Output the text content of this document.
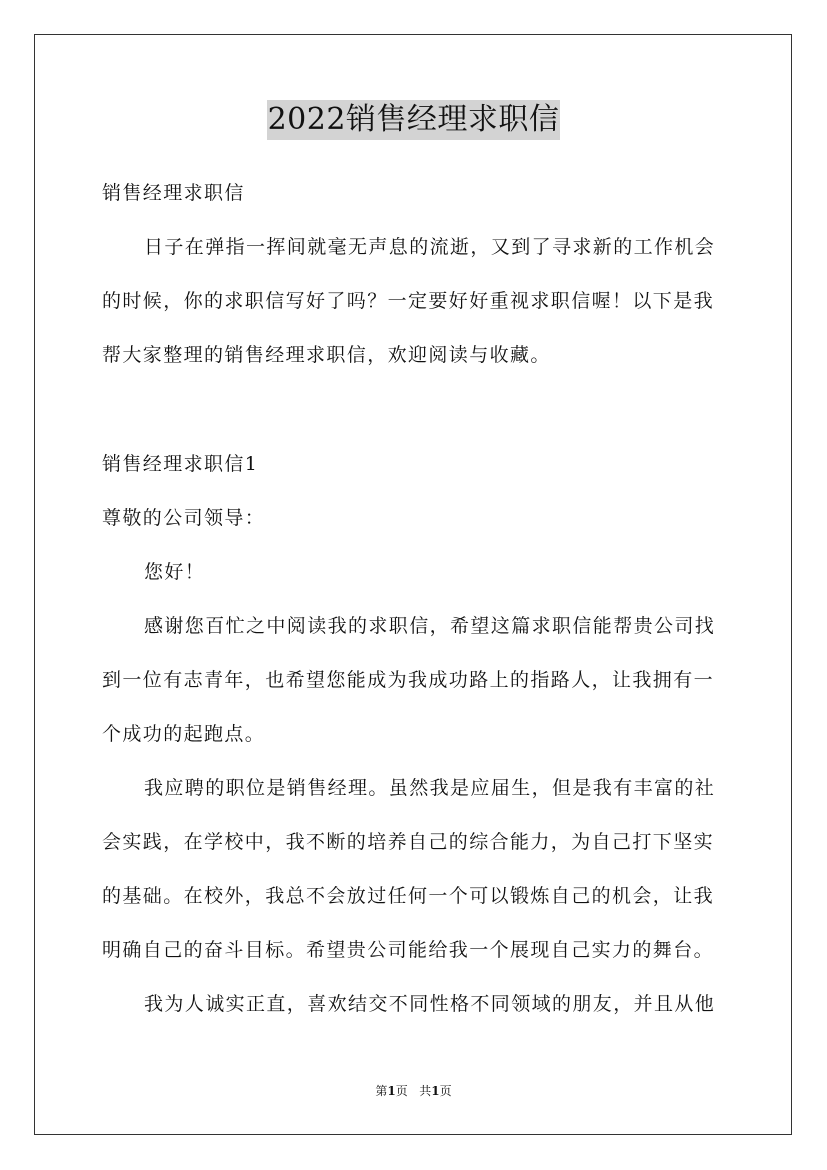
2022销售经理求职信
销售经理求职信
日子在弹指一挥间就毫无声息的流逝，又到了寻求新的工作机会
的时候，你的求职信写好了吗？一定要好好重视求职信喔！以下是我
帮大家整理的销售经理求职信，欢迎阅读与收藏。
销售经理求职信1
尊敬的公司领导：
您好！
感谢您百忙之中阅读我的求职信，希望这篇求职信能帮贵公司找
到一位有志青年，也希望您能成为我成功路上的指路人，让我拥有一
个成功的起跑点。
我应聘的职位是销售经理。虽然我是应届生，但是我有丰富的社
会实践，在学校中，我不断的培养自己的综合能力，为自己打下坚实
的基础。在校外，我总不会放过任何一个可以锻炼自己的机会，让我
明确自己的奋斗目标。希望贵公司能给我一个展现自己实力的舞台。
我为人诚实正直，喜欢结交不同性格不同领域的朋友，并且从他
第1页 共1页
